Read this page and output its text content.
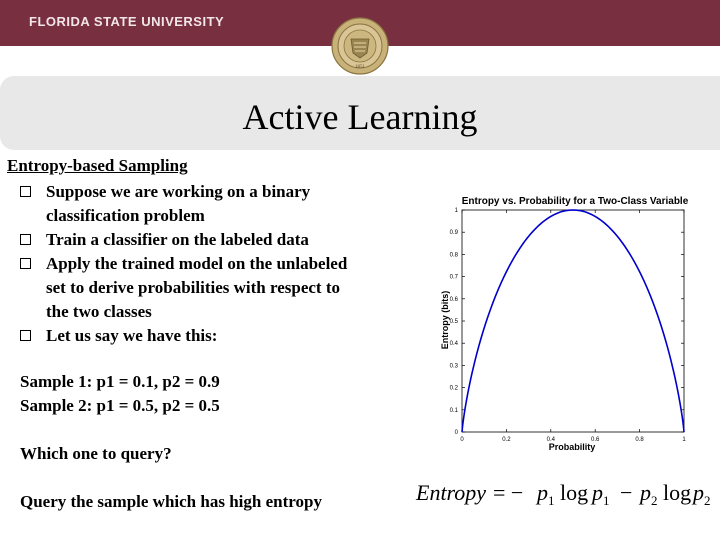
FLORIDA STATE UNIVERSITY
1851
Active Learning
Entropy-based Sampling
Suppose we are working on a binary
classification problem
Train a classifier on the labeled data
Apply the trained model on the unlabeled
set to derive probabilities with respect to
the two classes
Let us say we have this:
Sample 1: p1 = 0.1, p2 = 0.9
Sample 2: p1 = 0.5, p2 = 0.5
Which one to query?
Query the sample which has high entropy
Entropy vs. Probability for a Two-Class Variable
Probability
Entropy (bits)
0	0.2	0.4	0.6	0.8	1
0
0.1
0.2
0.3
0.4
0.5
0.6
0.7
0.8
0.9
1
Entropy = − p 1 log p 1 − p 2 log p 2
